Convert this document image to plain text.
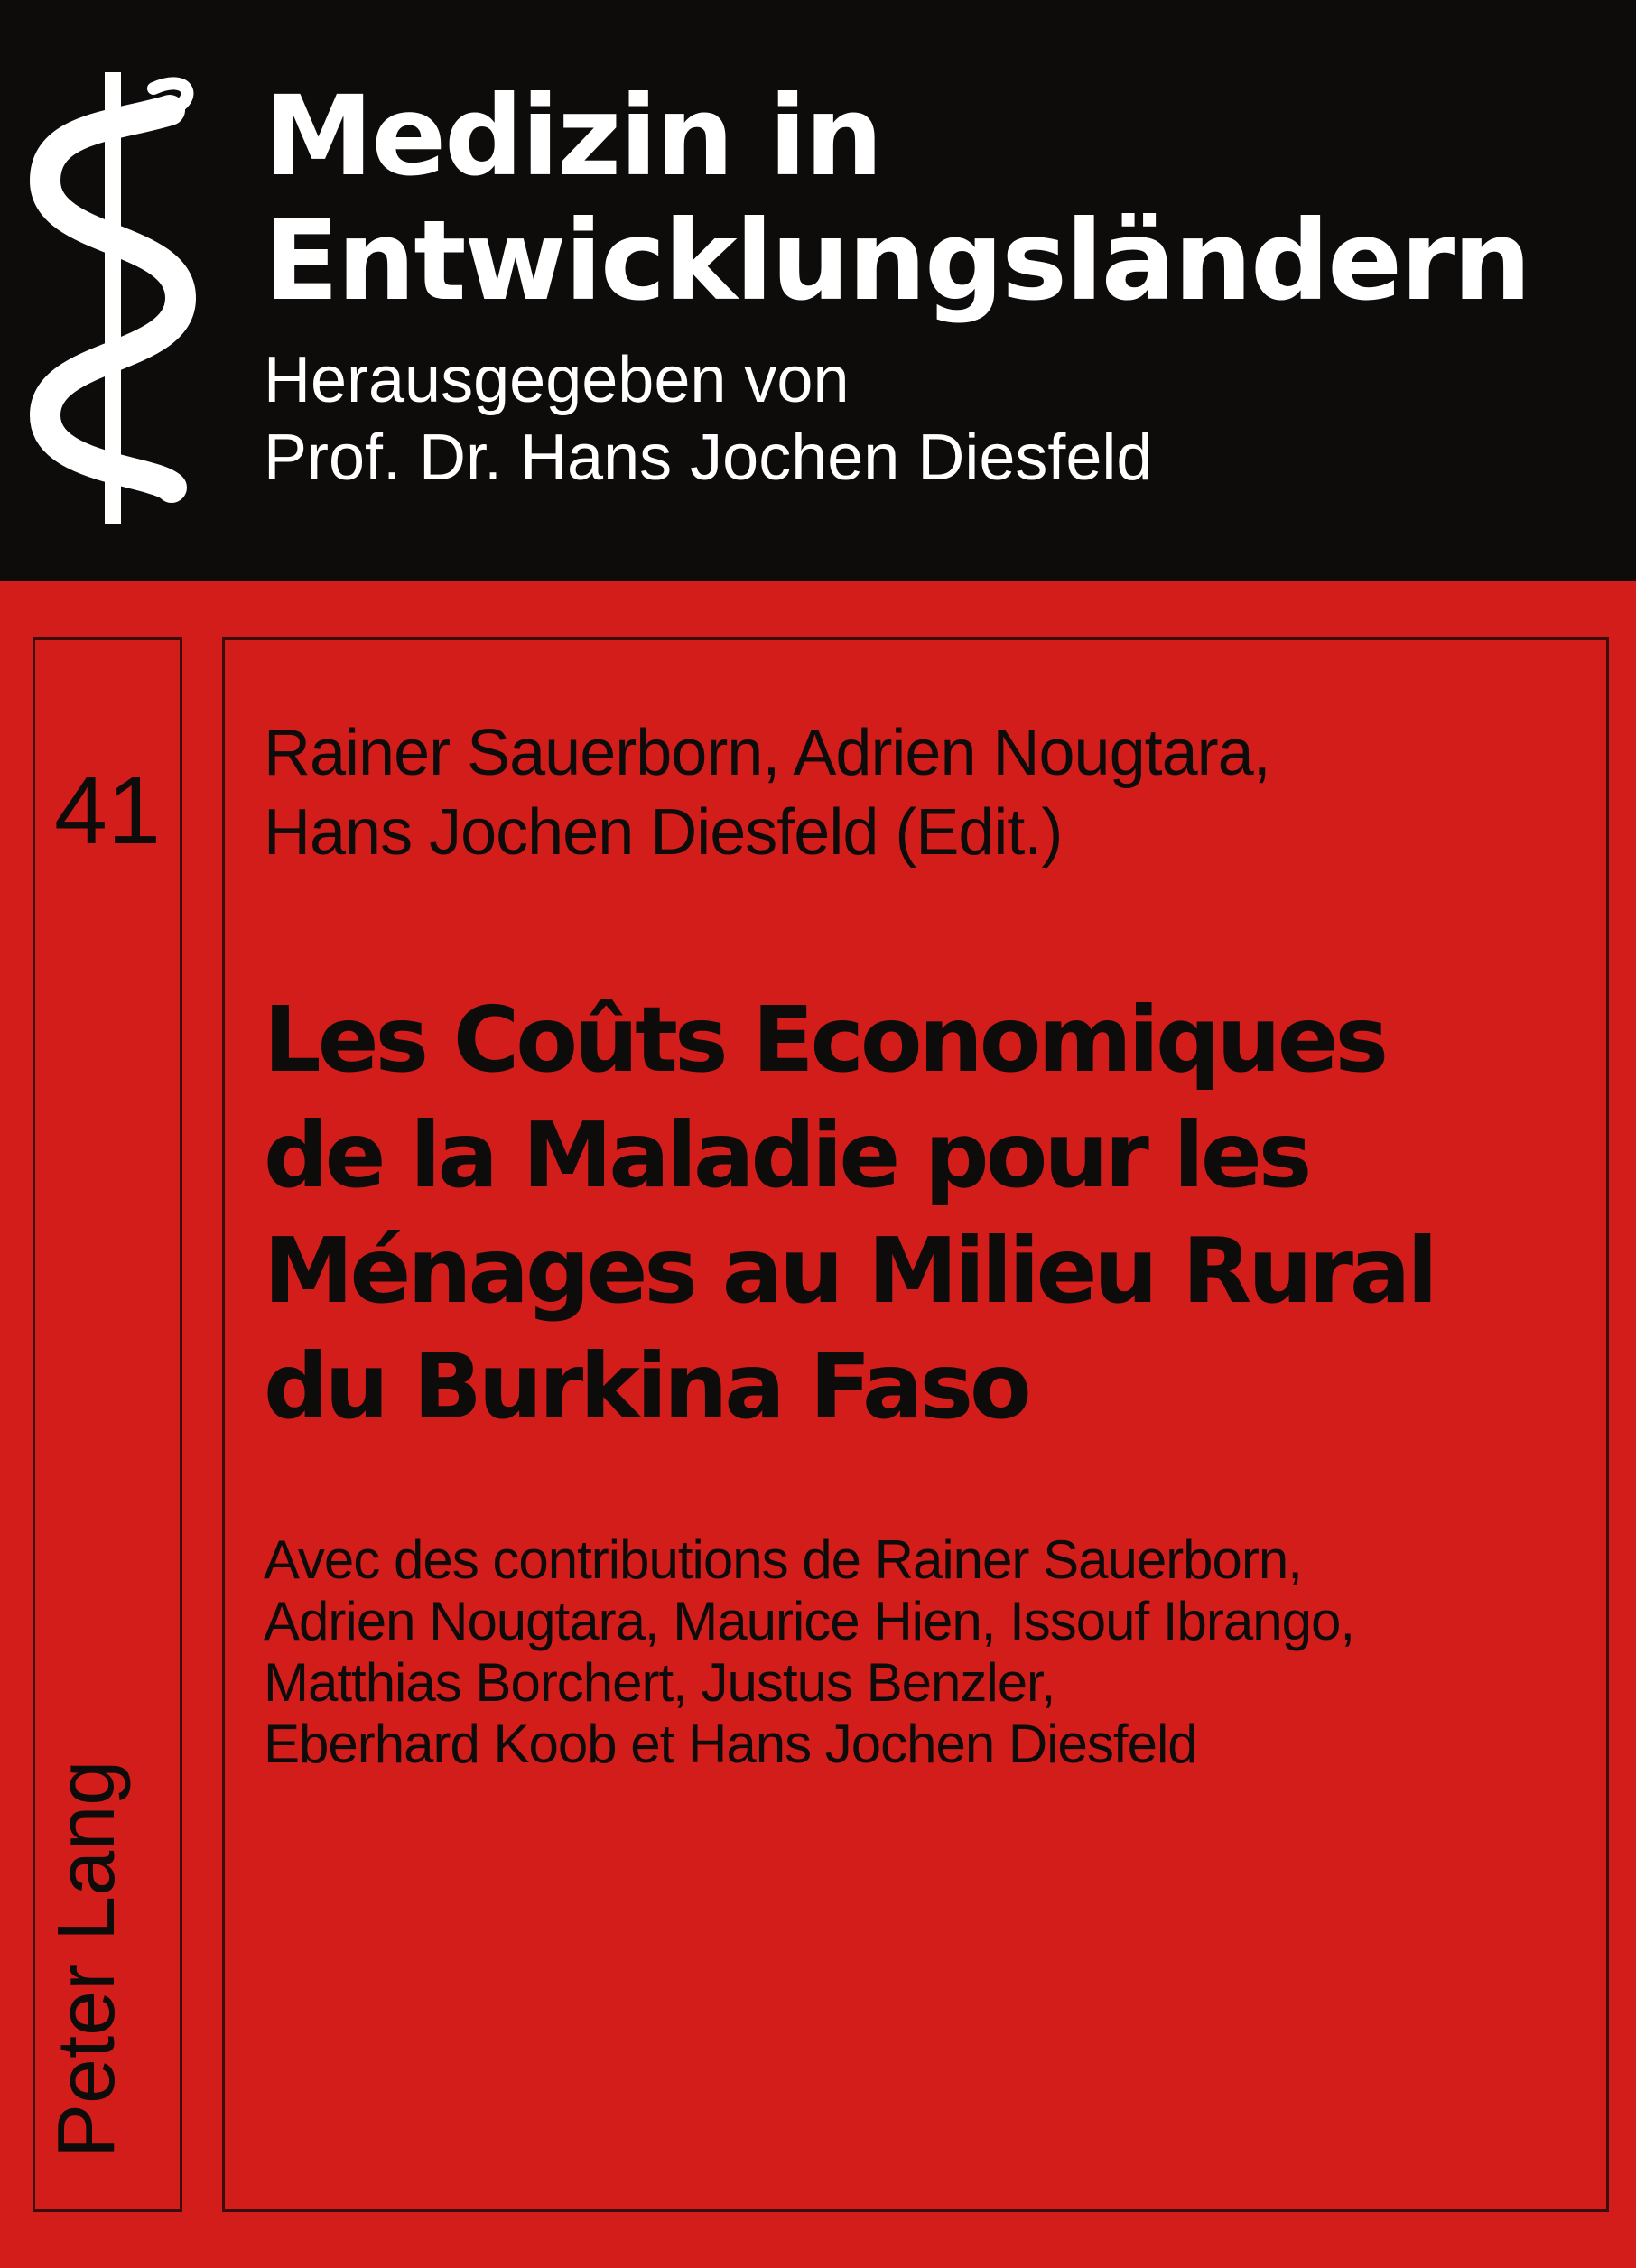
Medizin in
Entwicklungsländern
Herausgegeben von
Prof. Dr. Hans Jochen Diesfeld
41
Peter Lang
Rainer Sauerborn, Adrien Nougtara,
Hans Jochen Diesfeld (Edit.)
Les Coûts Economiques
de la Maladie pour les
Ménages au Milieu Rural
du Burkina Faso
Avec des contributions de Rainer Sauerborn,
Adrien Nougtara, Maurice Hien, Issouf Ibrango,
Matthias Borchert, Justus Benzler,
Eberhard Koob et Hans Jochen Diesfeld
